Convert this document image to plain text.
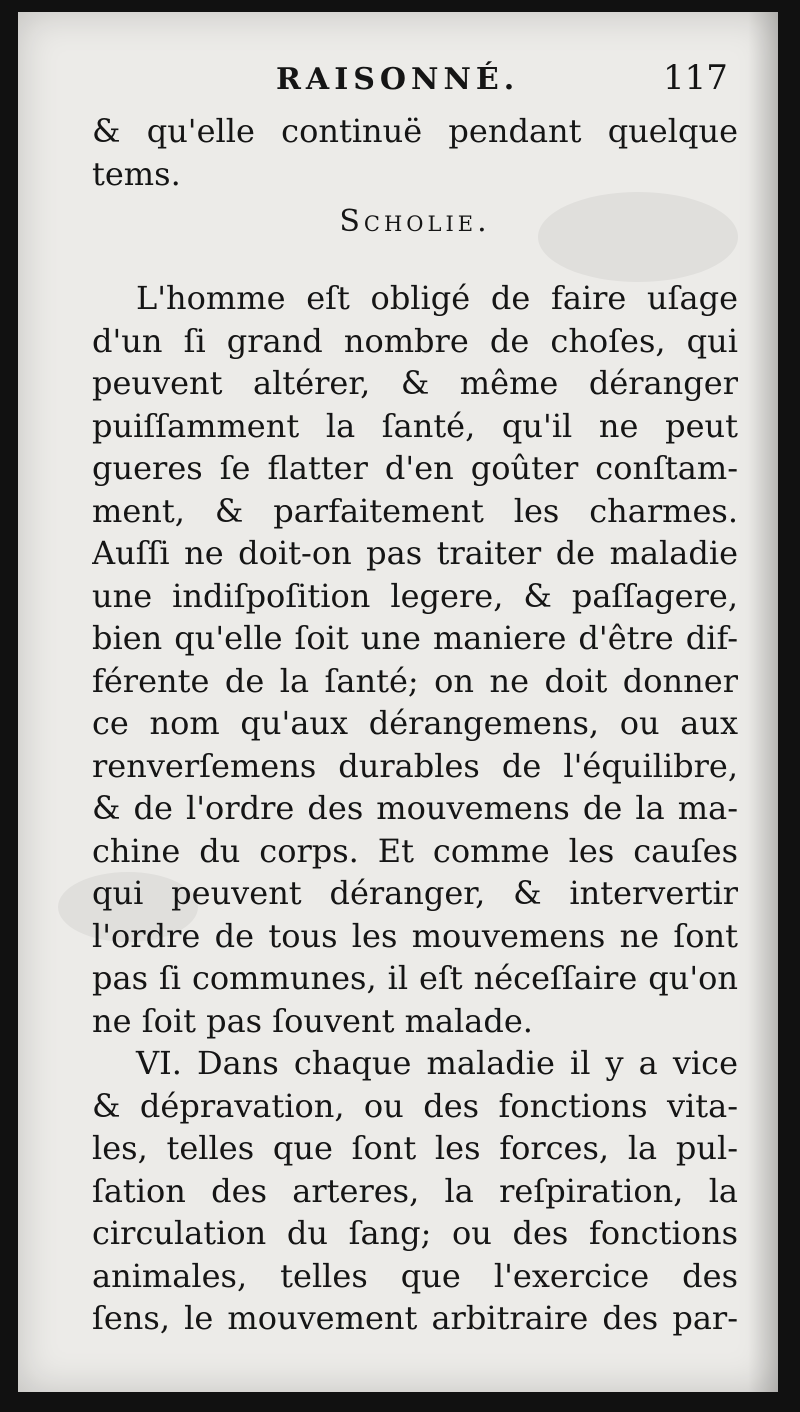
RAISONNÉ.	117
& qu'elle continuë pendant quelque
tems.
Scholie.
L'homme eſt obligé de faire uſage
d'un ſi grand nombre de choſes, qui
peuvent altérer, & même déranger
puiſſamment la ſanté, qu'il ne peut
gueres ſe flatter d'en goûter conſtam-
ment, & parfaitement les charmes.
Auſſi ne doit-on pas traiter de maladie
une indiſpoſition legere, & paſſagere,
bien qu'elle ſoit une maniere d'être dif-
férente de la ſanté; on ne doit donner
ce nom qu'aux dérangemens, ou aux
renverſemens durables de l'équilibre,
& de l'ordre des mouvemens de la ma-
chine du corps. Et comme les cauſes
qui peuvent déranger, & intervertir
l'ordre de tous les mouvemens ne ſont
pas ſi communes, il eſt néceſſaire qu'on
ne ſoit pas ſouvent malade.
VI. Dans chaque maladie il y a vice
& dépravation, ou des fonctions vita-
les, telles que ſont les forces, la pul-
ſation des arteres, la reſpiration, la
circulation du ſang; ou des fonctions
animales, telles que l'exercice des
ſens, le mouvement arbitraire des par-
